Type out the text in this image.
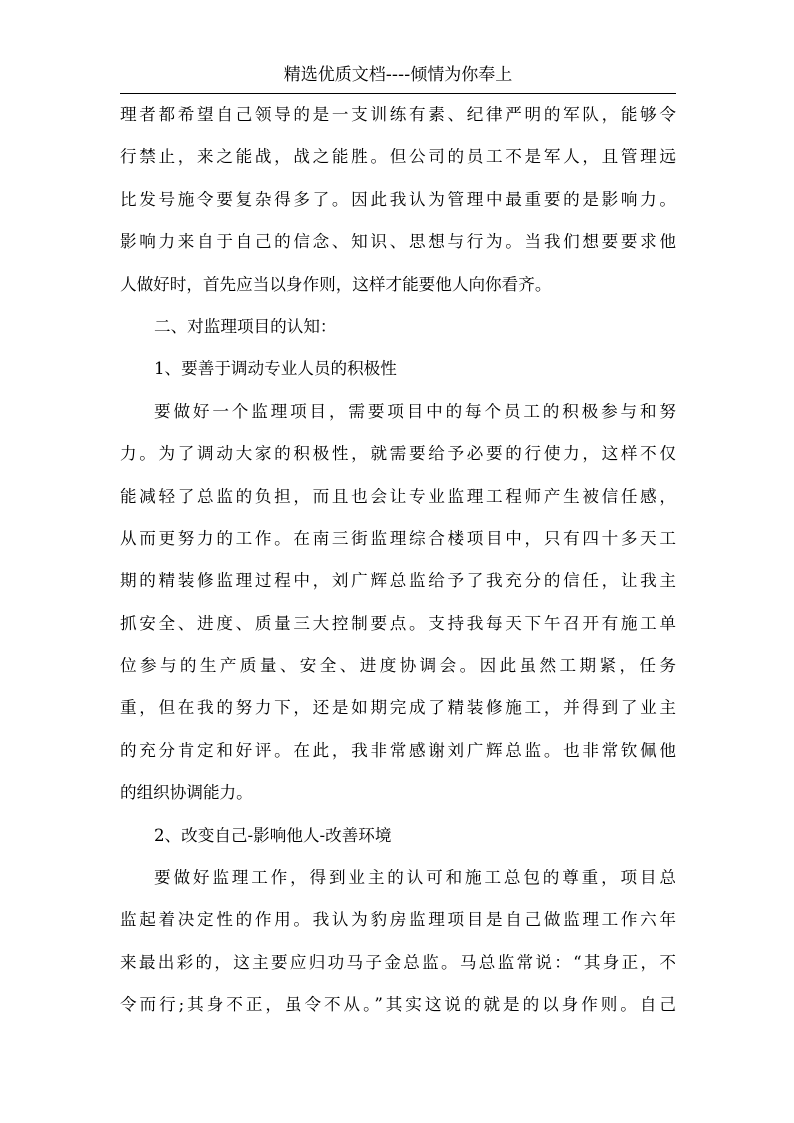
精选优质文档----倾情为你奉上
理者都希望自己领导的是一支训练有素、纪律严明的军队，能够令
行禁止，来之能战，战之能胜。但公司的员工不是军人，且管理远
比发号施令要复杂得多了。因此我认为管理中最重要的是影响力。
影响力来自于自己的信念、知识、思想与行为。当我们想要要求他
人做好时，首先应当以身作则，这样才能要他人向你看齐。
二、对监理项目的认知：
1、要善于调动专业人员的积极性
要做好一个监理项目，需要项目中的每个员工的积极参与和努
力。为了调动大家的积极性，就需要给予必要的行使力，这样不仅
能减轻了总监的负担，而且也会让专业监理工程师产生被信任感，
从而更努力的工作。在南三街监理综合楼项目中，只有四十多天工
期的精装修监理过程中，刘广辉总监给予了我充分的信任，让我主
抓安全、进度、质量三大控制要点。支持我每天下午召开有施工单
位参与的生产质量、安全、进度协调会。因此虽然工期紧，任务
重，但在我的努力下，还是如期完成了精装修施工，并得到了业主
的充分肯定和好评。在此，我非常感谢刘广辉总监。也非常钦佩他
的组织协调能力。
2、改变自己-影响他人-改善环境
要做好监理工作，得到业主的认可和施工总包的尊重，项目总
监起着决定性的作用。我认为豹房监理项目是自己做监理工作六年
来最出彩的，这主要应归功马子金总监。马总监常说：“其身正，不
令而行;其身不正，虽令不从。”其实这说的就是的以身作则。自己
